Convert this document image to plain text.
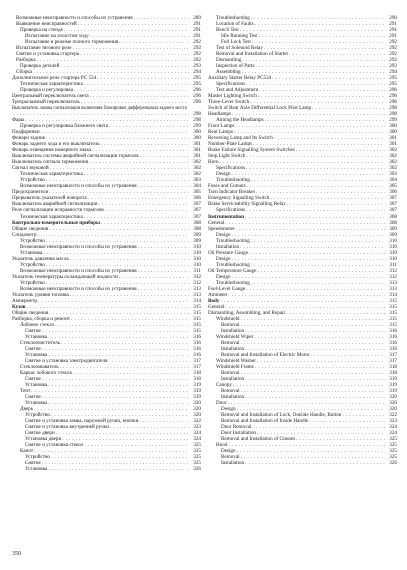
Возможные неисправности и способы их устранения . . .	289
Выявление неисправностей . . .	291
Проверка на стенде . . .	291
Испытание на холостом ходу . . .	291
Испытание в режиме полного торможения . . .	292
Испытание тягового реле . . .	292
Снятие и установка стартера . . .	292
Разборка . . .	292
Проверка деталей . . .	293
Сборка . . .	294
Дополнительное реле стартера РС 534 . . .	295
Техническая характеристика . . .	295
Проверка и регулировка . . .	296
Центральный переключатель света . . .	296
Трехрычажный переключатель . . .	296
Выключатель лампы сигнализации включения блокировки дифференциала заднего моста
. . .
298
Фары . . .	298
Проверка и регулировка ближнего света . . .	299
Подфарники . . .	300
Фонари задние . . .	300
Фонарь заднего хода и его выключатель . . .	301
Фонарь освещения номерного знака . . .	301
Выключатель системы аварийной сигнализации тормозов . . .	301
Выключатель сигнала торможения . . .	302
Сигнал звуковой . . .	302
Техническая характеристика . . .	302
Устройство . . .	303
Возможные неисправности и способы их устранения . . .	304
Предохранители . . .	305
Прерыватель указателей поворота . . .	306
Выключатель аварийной сигнализации . . .	307
Реле сигнализации исправности тормозов . . .	307
Техническая характеристика . . .	307
Контрольно-измерительные приборы . . .	308
Общие сведения . . .	308
Спидометр . . .	309
Устройство . . .	309
Возможные неисправности и способы их устранения . . .	310
Установка . . .	310
Указатель давления масла . . .	310
Устройство . . .	310
Возможные неисправности и способы их устранения . . .	311
Указатель температуры охлаждающей жидкости . . .	312
Устройство . . .	312
Возможные неисправности и способы их устранения . . .	313
Указатель уровня топлива . . .	313
Амперметр . . .	314
Кузов . . .	315
Общие сведения . . .	315
Разборка, сборка и ремонт . . .	315
Лобовое стекло . . .	315
Снятие . . .	315
Установка . . .	316
Стеклоочиститель . . .	316
Снятие . . .	316
Установка . . .	316
Снятие и установка электродвигателя . . .	317
Стеклоомыватель . . .	317
Каркас лобового стекла . . .	318
Снятие . . .	318
Установка . . .	319
Тент . . .	319
Снятие . . .	319
Установка . . .	320
Дверь . . .	320
Устройство . . .	320
Снятие и установка замка, наружной ручки, кнопки . . .	322
Снятие и установка внутренней ручки . . .	323
Снятие двери . . .	324
Установка двери . . .	324
Снятие и установка стекол . . .	325
Капот . . .	325
Устройство . . .	325
Снятие . . .	325
Установка . . .	326
Troubleshooting . . .	290
Location of Faults . . .	291
Bench Test . . .	291
Idle Running Test . . .	291
Full Lock Test . . .	292
Test of Solenoid Relay . . .	292
Removal and Installation of Starter . . .	292
Dismantling . . .	292
Inspection of Parts . . .	293
Assembling . . .	294
Auxiliary Starter Relay PC534 . . .	295
Specifications . . .	295
Test and Adjustment . . .	296
Master Lighting Switch . . .	296
Three-Lever Switch . . .	296
Switch of Rear Axle Differential Lock Pilot Lamp . . .	298
Headlamps . . .	298
Aiming the Headlamps . . .	299
Front Lamps . . .	300
Rear Lamps . . .	300
Reversing Lamp and Its Switch . . .	301
Number-Plate Lamps . . .	301
Brake Failure Signalling System Switches . . .	302
Stop Light Switch . . .	302
Horn . . .	302
Specifications . . .	302
Design . . .	303
Troubleshooting . . .	304
Fuses and Cutouts . . .	305
Turn Indicator Breaker . . .	306
Emergency Signalling Switch . . .	307
Brake Serviceability Signalling Relay . . .	307
Specifications . . .	307
Instrumentation . . .	308
General . . .	308
Speedometer . . .	309
Design . . .	309
Troubleshooting . . .	310
Installation . . .	310
Oil Pressure Gauge . . .	310
Design . . .	310
Troubleshooting . . .	311
Oil Temperature Gauge . . .	312
Design . . .	312
Troubleshooting . . .	313
Fuel-Level Gauge . . .	313
Ammeter . . .	314
Body . . .	315
General . . .	315
Dismantling, Assembling, and Repair . . .	315
Windshield . . .	315
Removal . . .	315
Installation . . .	316
Windshield Wiper . . .	316
Removal . . .	316
Installation . . .	316
Removal and Installation of Electric Motor . . .	317
Windshield Washer . . .	317
Windshield Frame . . .	318
Removal . . .	318
Installation . . .	319
Canopy . . .	319
Removal . . .	319
Installation . . .	320
Door . . .	320
Design . . .	320
Removal and Installation of Lock, Outside Handle, Button . . .	322
Removal and Installation of Inside Handle . . .	323
Door Removal . . .	324
Door Installation . . .	324
Removal and Installation of Glasses . . .	325
Hood . . .	325
Design . . .	325
Removal . . .	325
Installation . . .	326
350
